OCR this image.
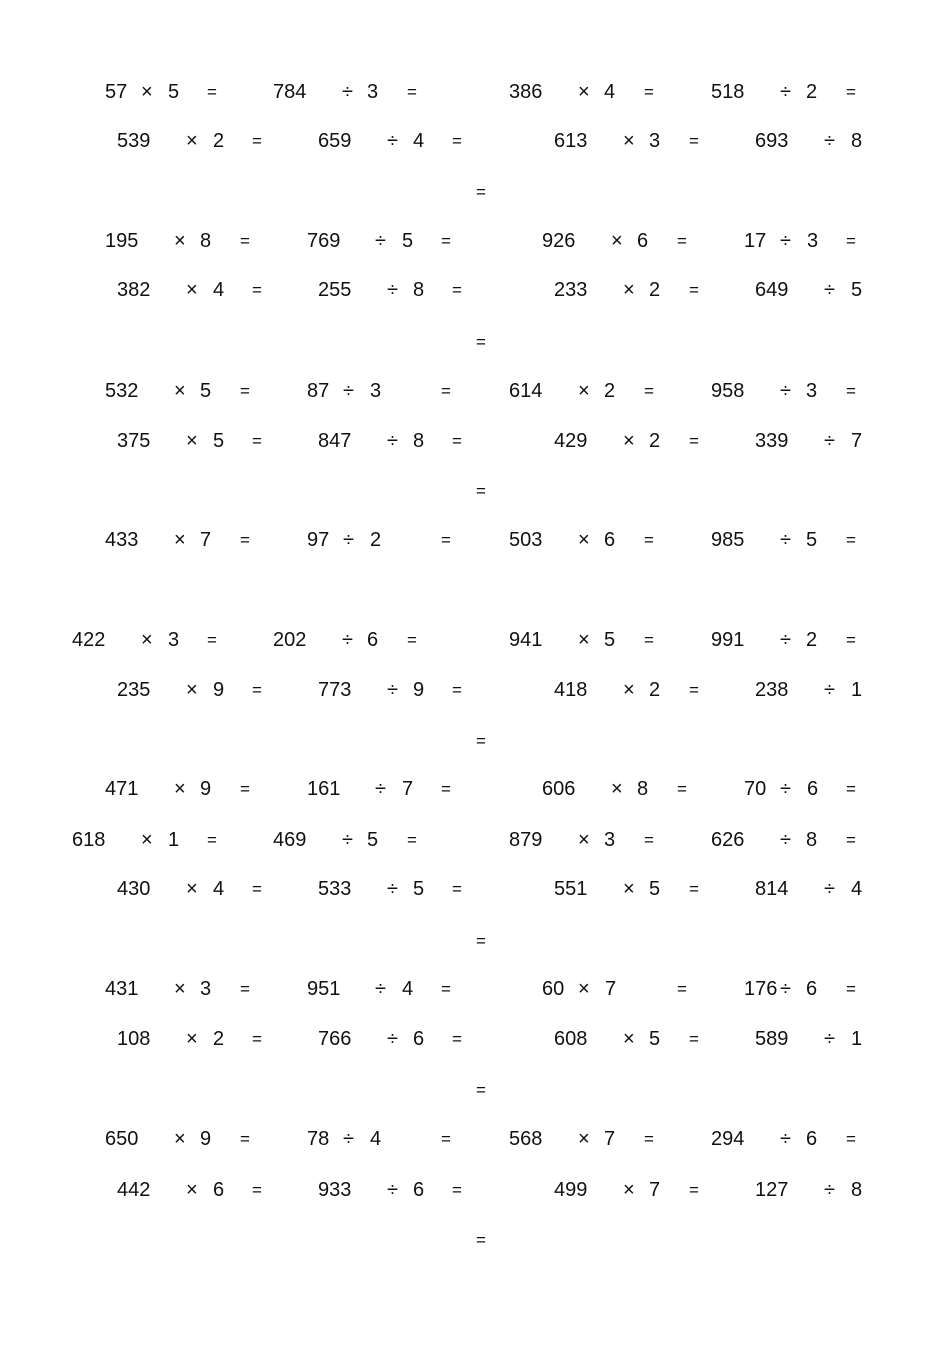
57 × 5 =	784 ÷ 3 =	386 × 4 =	518 ÷ 2 =
539 × 2 =	659 ÷ 4 =	613 × 3 =	693 ÷ 8
=
195 × 8 =	769 ÷ 5 =	926 × 6 =	17 ÷ 3 =
382 × 4 =	255 ÷ 8 =	233 × 2 =	649 ÷ 5
=
532 × 5 =	87 ÷ 3	=	614 × 2 =	958 ÷ 3 =
375 × 5 =	847 ÷ 8 =	429 × 2 =	339 ÷ 7
=
433 × 7 =	97 ÷ 2	=	503 × 6 =	985 ÷ 5 =
422 × 3 =	202 ÷ 6 =	941 × 5 =	991 ÷ 2 =
235 × 9 =	773 ÷ 9 =	418 × 2 =	238 ÷ 1
=
471 × 9 =	161 ÷ 7 =	606 × 8 =	70 ÷ 6 =
618 × 1 =	469 ÷ 5 =	879 × 3 =	626 ÷ 8 =
430 × 4 =	533 ÷ 5 =	551 × 5 =	814 ÷ 4
=
431 × 3 =	951 ÷ 4 =	60 × 7	=	176 ÷ 6 =
108 × 2 =	766 ÷ 6 =	608 × 5 =	589 ÷ 1
=
650 × 9 =	78 ÷ 4	=	568 × 7 =	294 ÷ 6 =
442 × 6 =	933 ÷ 6 =	499 × 7 =	127 ÷ 8
=
